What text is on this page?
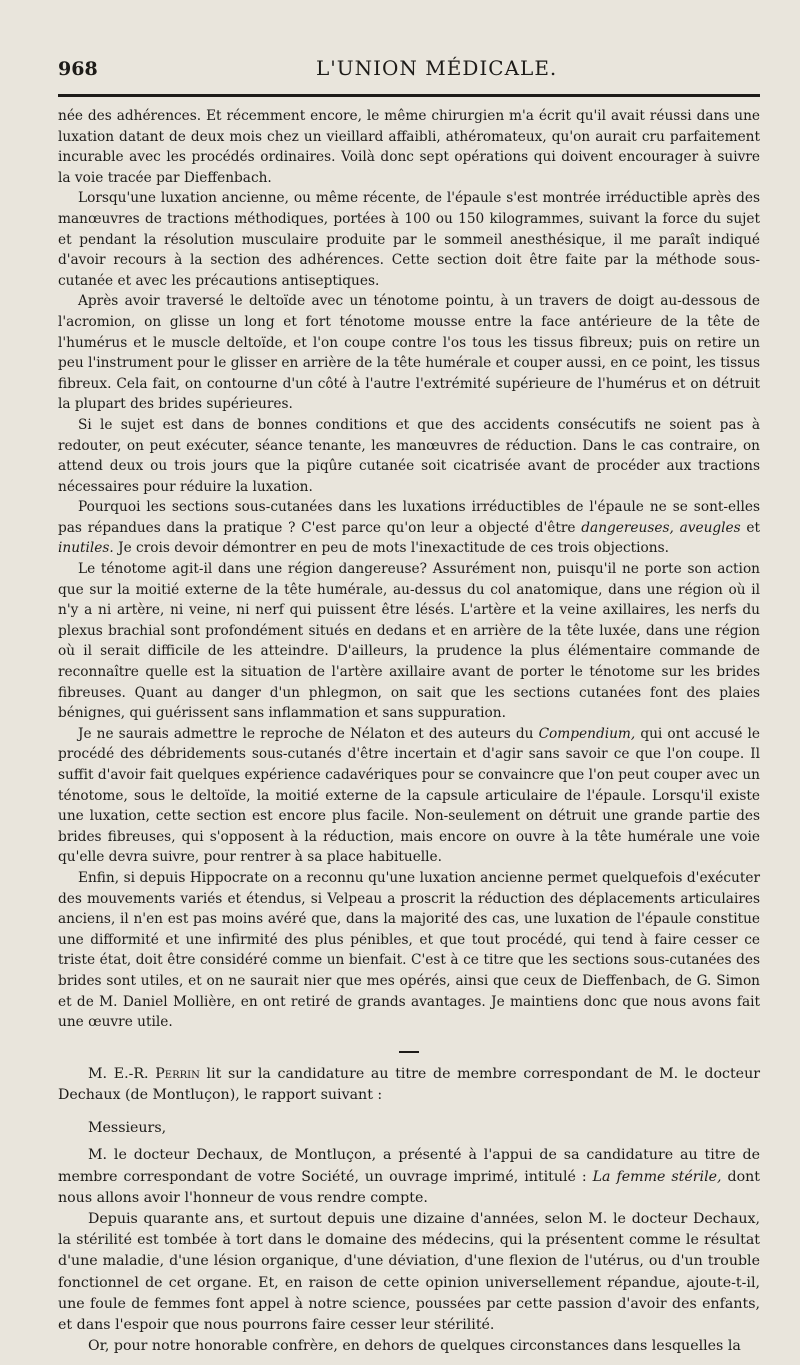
968	L'UNION MÉDICALE.

née des adhérences. Et récemment encore, le même chirurgien m'a écrit qu'il avait réussi dans une luxation datant de deux mois chez un vieillard affaibli, athéromateux, qu'on aurait cru parfaitement incurable avec les procédés ordinaires. Voilà donc sept opérations qui doivent encourager à suivre la voie tracée par Dieffenbach.

Lorsqu'une luxation ancienne, ou même récente, de l'épaule s'est montrée irréductible après des manœuvres de tractions méthodiques, portées à 100 ou 150 kilogrammes, suivant la force du sujet et pendant la résolution musculaire produite par le sommeil anesthésique, il me paraît indiqué d'avoir recours à la section des adhérences. Cette section doit être faite par la méthode sous-cutanée et avec les précautions antiseptiques.

Après avoir traversé le deltoïde avec un ténotome pointu, à un travers de doigt au-dessous de l'acromion, on glisse un long et fort ténotome mousse entre la face antérieure de la tête de l'humérus et le muscle deltoïde, et l'on coupe contre l'os tous les tissus fibreux; puis on retire un peu l'instrument pour le glisser en arrière de la tête humérale et couper aussi, en ce point, les tissus fibreux. Cela fait, on contourne d'un côté à l'autre l'extrémité supérieure de l'humérus et on détruit la plupart des brides supérieures.

Si le sujet est dans de bonnes conditions et que des accidents consécutifs ne soient pas à redouter, on peut exécuter, séance tenante, les manœuvres de réduction. Dans le cas contraire, on attend deux ou trois jours que la piqûre cutanée soit cicatrisée avant de procéder aux tractions nécessaires pour réduire la luxation.

Pourquoi les sections sous-cutanées dans les luxations irréductibles de l'épaule ne se sont-elles pas répandues dans la pratique ? C'est parce qu'on leur a objecté d'être dangereuses, aveugles et inutiles. Je crois devoir démontrer en peu de mots l'inexactitude de ces trois objections.

Le ténotome agit-il dans une région dangereuse? Assurément non, puisqu'il ne porte son action que sur la moitié externe de la tête humérale, au-dessus du col anatomique, dans une région où il n'y a ni artère, ni veine, ni nerf qui puissent être lésés. L'artère et la veine axillaires, les nerfs du plexus brachial sont profondément situés en dedans et en arrière de la tête luxée, dans une région où il serait difficile de les atteindre. D'ailleurs, la prudence la plus élémentaire commande de reconnaître quelle est la situation de l'artère axillaire avant de porter le ténotome sur les brides fibreuses. Quant au danger d'un phlegmon, on sait que les sections cutanées font des plaies bénignes, qui guérissent sans inflammation et sans suppuration.

Je ne saurais admettre le reproche de Nélaton et des auteurs du Compendium, qui ont accusé le procédé des débridements sous-cutanés d'être incertain et d'agir sans savoir ce que l'on coupe. Il suffit d'avoir fait quelques expérience cadavériques pour se convaincre que l'on peut couper avec un ténotome, sous le deltoïde, la moitié externe de la capsule articulaire de l'épaule. Lorsqu'il existe une luxation, cette section est encore plus facile. Non-seulement on détruit une grande partie des brides fibreuses, qui s'opposent à la réduction, mais encore on ouvre à la tête humérale une voie qu'elle devra suivre, pour rentrer à sa place habituelle.

Enfin, si depuis Hippocrate on a reconnu qu'une luxation ancienne permet quelquefois d'exécuter des mouvements variés et étendus, si Velpeau a proscrit la réduction des déplacements articulaires anciens, il n'en est pas moins avéré que, dans la majorité des cas, une luxation de l'épaule constitue une difformité et une infirmité des plus pénibles, et que tout procédé, qui tend à faire cesser ce triste état, doit être considéré comme un bienfait. C'est à ce titre que les sections sous-cutanées des brides sont utiles, et on ne saurait nier que mes opérés, ainsi que ceux de Dieffenbach, de G. Simon et de M. Daniel Mollière, en ont retiré de grands avantages. Je maintiens donc que nous avons fait une œuvre utile.

M. E.-R. Perrin lit sur la candidature au titre de membre correspondant de M. le docteur Dechaux (de Montluçon), le rapport suivant :

Messieurs,

M. le docteur Dechaux, de Montluçon, a présenté à l'appui de sa candidature au titre de membre correspondant de votre Société, un ouvrage imprimé, intitulé : La femme stérile, dont nous allons avoir l'honneur de vous rendre compte.

Depuis quarante ans, et surtout depuis une dizaine d'années, selon M. le docteur Dechaux, la stérilité est tombée à tort dans le domaine des médecins, qui la présentent comme le résultat d'une maladie, d'une lésion organique, d'une déviation, d'une flexion de l'utérus, ou d'un trouble fonctionnel de cet organe. Et, en raison de cette opinion universellement répandue, ajoute-t-il, une foule de femmes font appel à notre science, poussées par cette passion d'avoir des enfants, et dans l'espoir que nous pourrons faire cesser leur stérilité.

Or, pour notre honorable confrère, en dehors de quelques circonstances dans lesquelles la
